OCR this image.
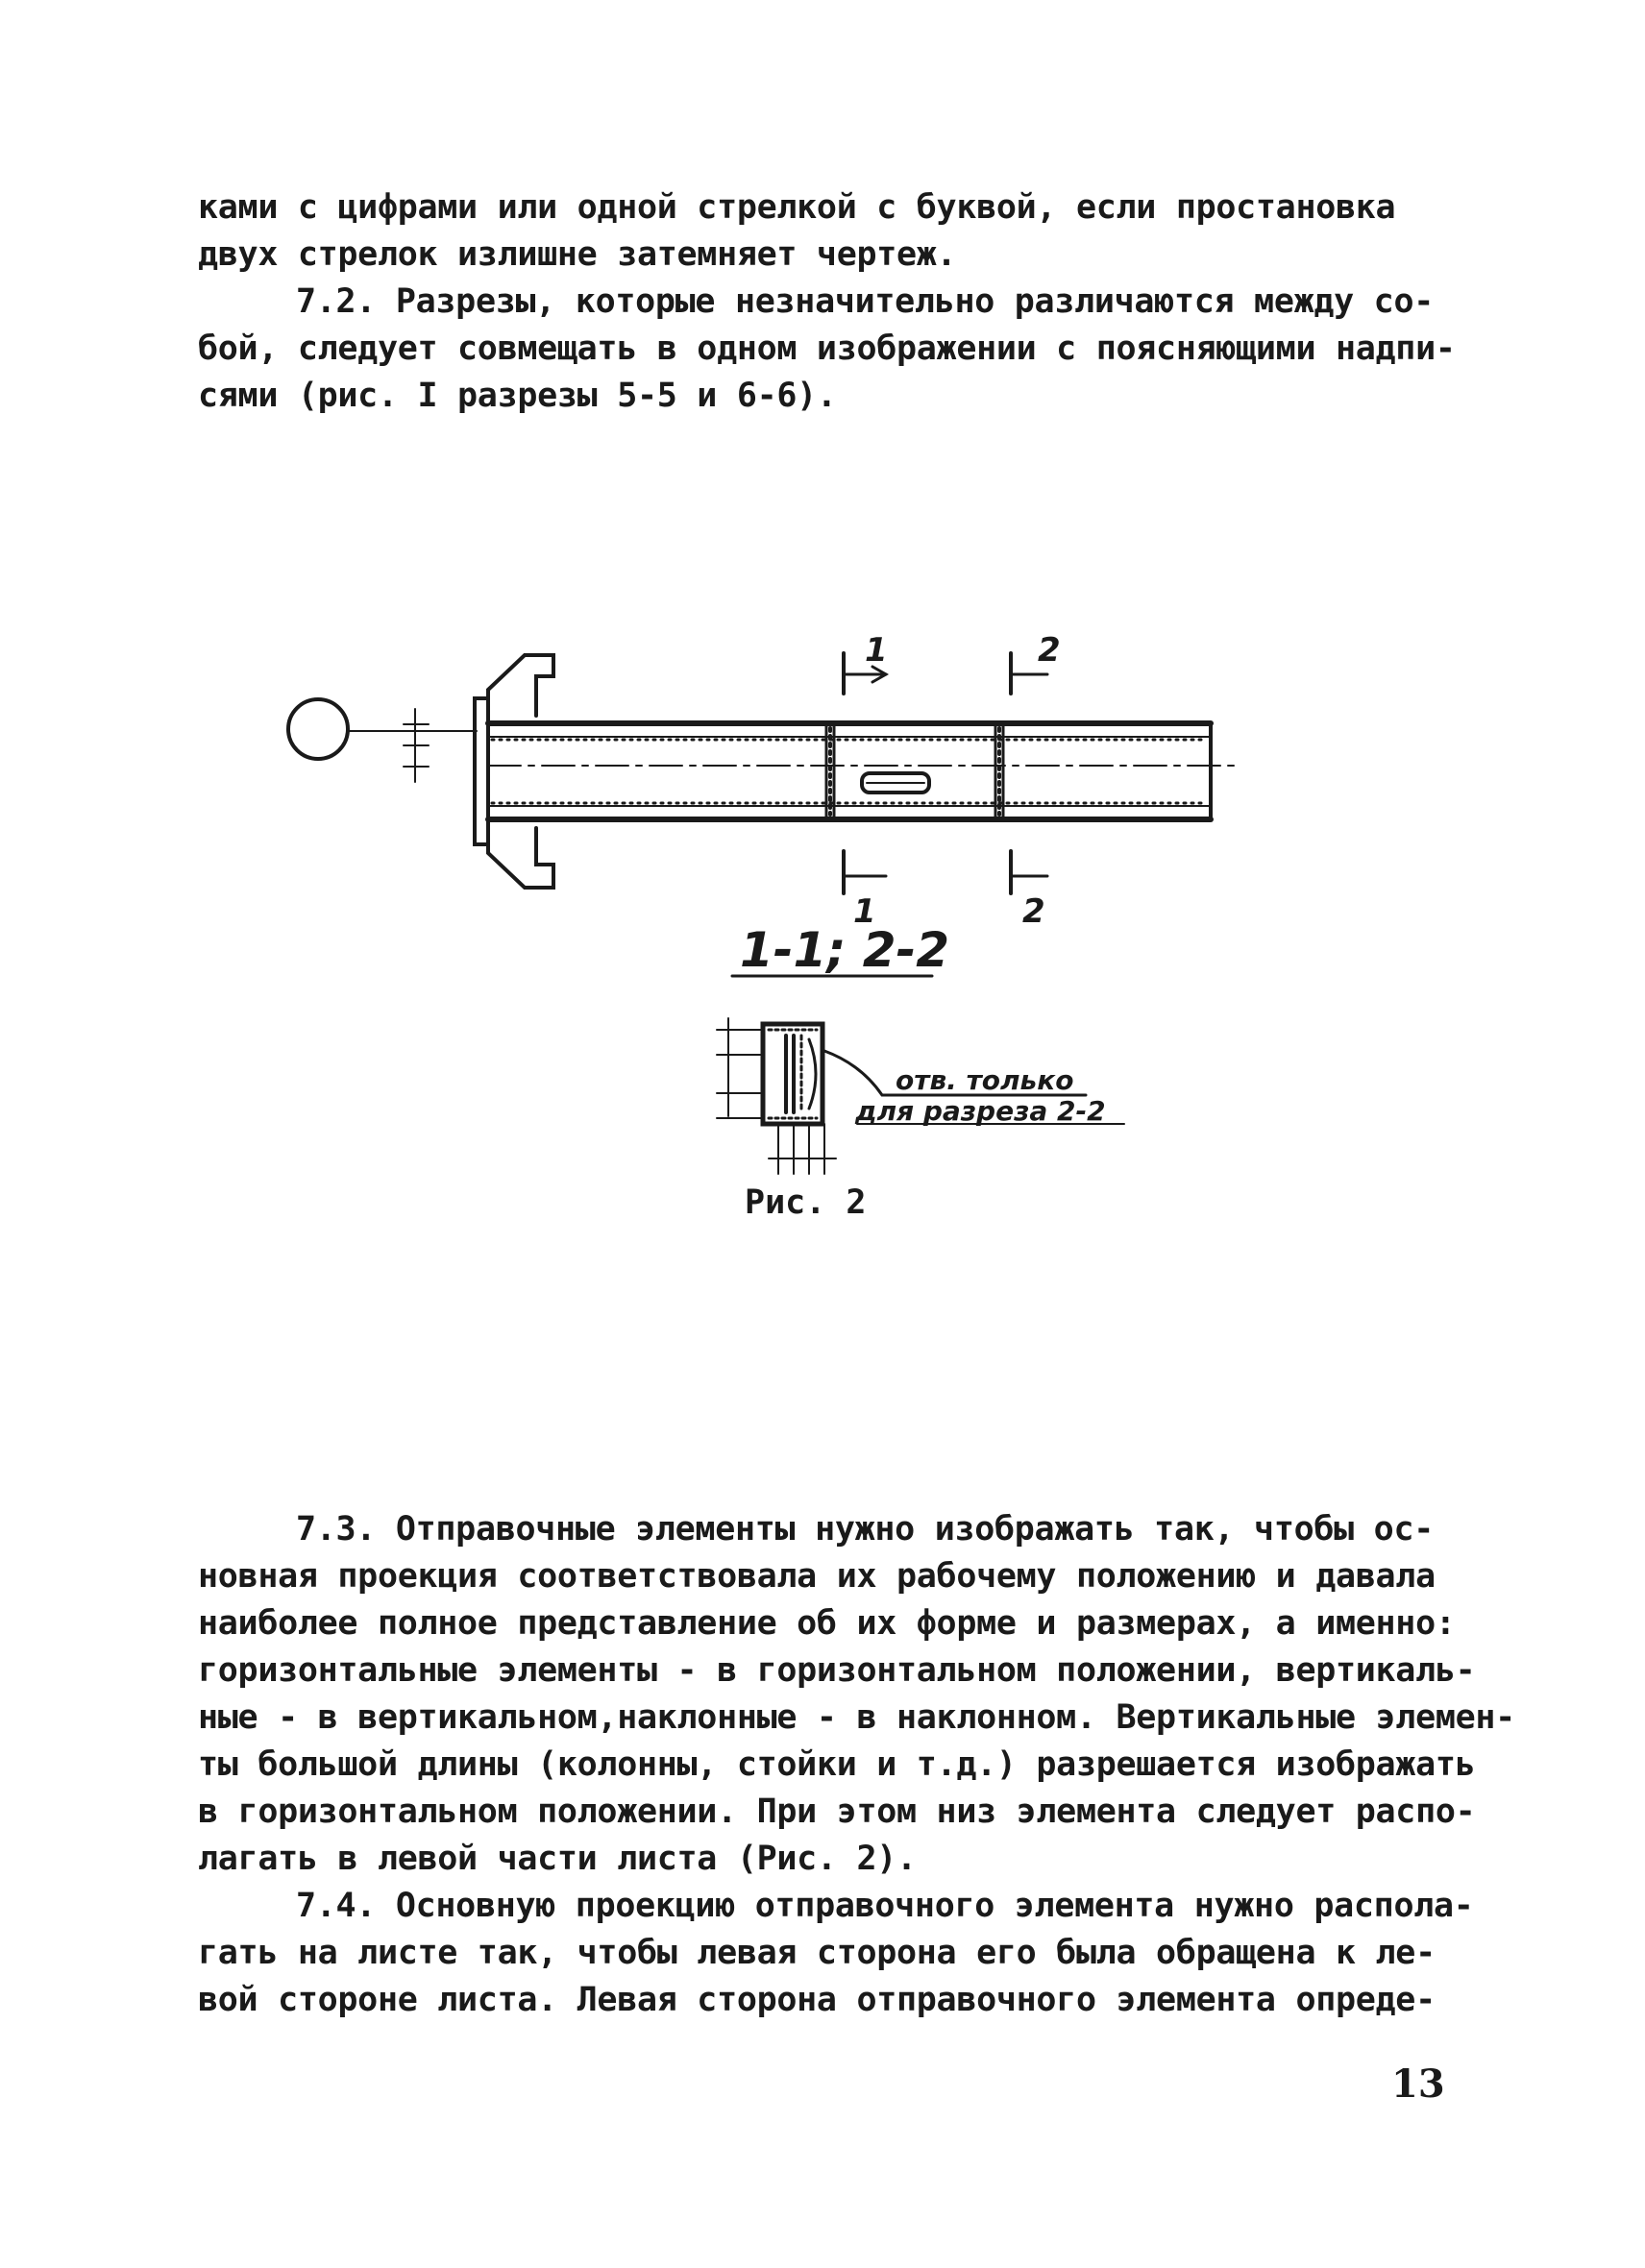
ками с цифрами или одной стрелкой с буквой, если простановка
двух стрелок излишне затемняет чертеж.
7.2. Разрезы, которые незначительно различаются между со-
бой, следует совмещать в одном изображении с поясняющими надпи-
сями (рис. I разрезы 5-5 и 6-6).
1	2
1	2
1-1; 2-2
отв. только
для разреза 2-2
Рис. 2
7.3. Отправочные элементы нужно изображать так, чтобы ос-
новная проекция соответствовала их рабочему положению и давала
наиболее полное представление об их форме и размерах, а именно:
горизонтальные элементы - в горизонтальном положении, вертикаль-
ные - в вертикальном,наклонные - в наклонном. Вертикальные элемен-
ты большой длины (колонны, стойки и т.д.) разрешается изображать
в горизонтальном положении. При этом низ элемента следует распо-
лагать в левой части листа (Рис. 2).
7.4. Основную проекцию отправочного элемента нужно распола-
гать на листе так, чтобы левая сторона его была обращена к ле-
вой стороне листа. Левая сторона отправочного элемента опреде-
13
